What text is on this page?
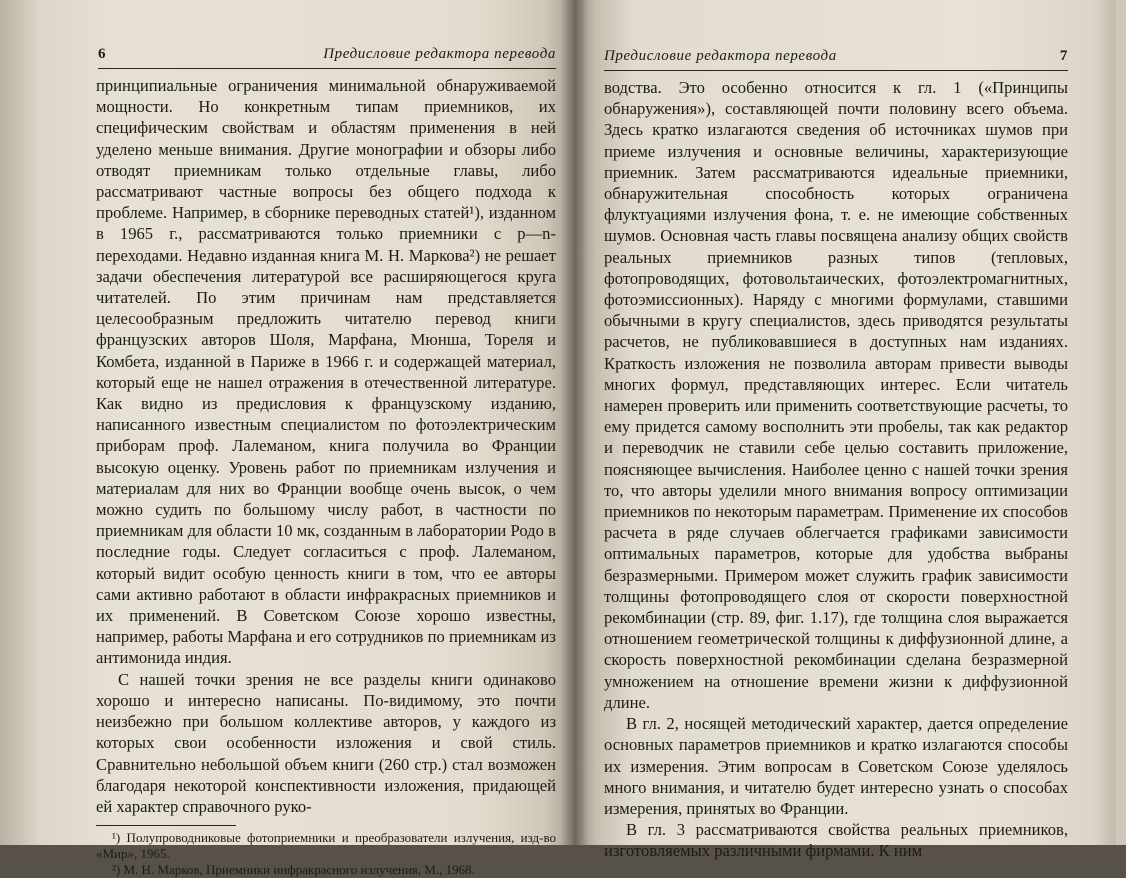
6	Предисловие редактора перевода

принципиальные ограничения минимальной обнаруживаемой мощности. Но конкретным типам приемников, их специфическим свойствам и областям применения в ней уделено меньше внимания. Другие монографии и обзоры либо отводят приемникам только отдельные главы, либо рассматривают частные вопросы без общего подхода к проблеме. Например, в сборнике переводных статей¹), изданном в 1965 г., рассматриваются только приемники с p—n-переходами. Недавно изданная книга М. Н. Маркова²) не решает задачи обеспечения литературой все расширяющегося круга читателей. По этим причинам нам представляется целесообразным предложить читателю перевод книги французских авторов Шоля, Марфана, Мюнша, Тореля и Комбета, изданной в Париже в 1966 г. и содержащей материал, который еще не нашел отражения в отечественной литературе. Как видно из предисловия к французскому изданию, написанного известным специалистом по фотоэлектрическим приборам проф. Лалеманом, книга получила во Франции высокую оценку. Уровень работ по приемникам излучения и материалам для них во Франции вообще очень высок, о чем можно судить по большому числу работ, в частности по приемникам для области 10 мк, созданным в лаборатории Родо в последние годы. Следует согласиться с проф. Лалеманом, который видит особую ценность книги в том, что ее авторы сами активно работают в области инфракрасных приемников и их применений. В Советском Союзе хорошо известны, например, работы Марфана и его сотрудников по приемникам из антимонида индия.

С нашей точки зрения не все разделы книги одинаково хорошо и интересно написаны. По-видимому, это почти неизбежно при большом коллективе авторов, у каждого из которых свои особенности изложения и свой стиль. Сравнительно небольшой объем книги (260 стр.) стал возможен благодаря некоторой конспективности изложения, придающей ей характер справочного руко-

¹) Полупроводниковые фотоприемники и преобразователи излучения, изд-во «Мир», 1965.

²) М. Н. Марков, Приемники инфракрасного излучения, М., 1968.

Предисловие редактора перевода	7

водства. Это особенно относится к гл. 1 («Принципы обнаружения»), составляющей почти половину всего объема. Здесь кратко излагаются сведения об источниках шумов при приеме излучения и основные величины, характеризующие приемник. Затем рассматриваются идеальные приемники, обнаружительная способность которых ограничена флуктуациями излучения фона, т. е. не имеющие собственных шумов. Основная часть главы посвящена анализу общих свойств реальных приемников разных типов (тепловых, фотопроводящих, фотовольтаических, фотоэлектромагнитных, фотоэмиссионных). Наряду с многими формулами, ставшими обычными в кругу специалистов, здесь приводятся результаты расчетов, не публиковавшиеся в доступных нам изданиях. Краткость изложения не позволила авторам привести выводы многих формул, представляющих интерес. Если читатель намерен проверить или применить соответствующие расчеты, то ему придется самому восполнить эти пробелы, так как редактор и переводчик не ставили себе целью составить приложение, поясняющее вычисления. Наиболее ценно с нашей точки зрения то, что авторы уделили много внимания вопросу оптимизации приемников по некоторым параметрам. Применение их способов расчета в ряде случаев облегчается графиками зависимости оптимальных параметров, которые для удобства выбраны безразмерными. Примером может служить график зависимости толщины фотопроводящего слоя от скорости поверхностной рекомбинации (стр. 89, фиг. 1.17), где толщина слоя выражается отношением геометрической толщины к диффузионной длине, а скорость поверхностной рекомбинации сделана безразмерной умножением на отношение времени жизни к диффузионной длине.

В гл. 2, носящей методический характер, дается определение основных параметров приемников и кратко излагаются способы их измерения. Этим вопросам в Советском Союзе уделялось много внимания, и читателю будет интересно узнать о способах измерения, принятых во Франции.

В гл. 3 рассматриваются свойства реальных приемников, изготовляемых различными фирмами. К ним
